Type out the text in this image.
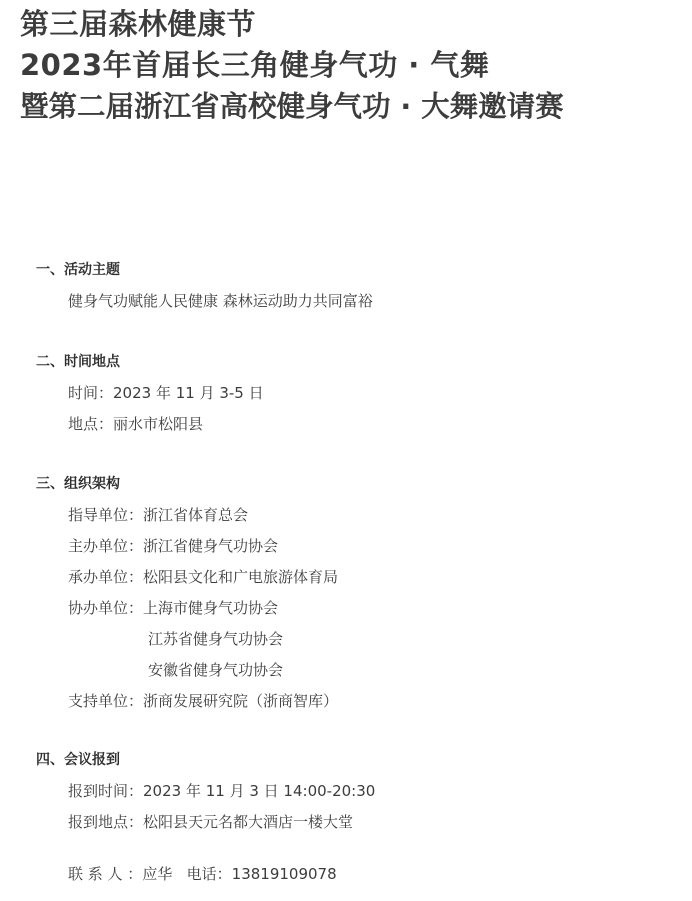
第三届森林健康节
2023年首届长三角健身气功 · 气舞
暨第二届浙江省高校健身气功 · 大舞邀请赛
一、活动主题
健身气功赋能人民健康 森林运动助力共同富裕
二、时间地点
时间：2023 年 11 月 3-5 日
地点：丽水市松阳县
三、组织架构
指导单位：浙江省体育总会
主办单位：浙江省健身气功协会
承办单位：松阳县文化和广电旅游体育局
协办单位：上海市健身气功协会
江苏省健身气功协会
安徽省健身气功协会
支持单位：浙商发展研究院（浙商智库）
四、会议报到
报到时间：2023 年 11 月 3 日 14:00-20:30
报到地点：松阳县天元名都大酒店一楼大堂
联 系 人 ：应华 电话：13819109078
